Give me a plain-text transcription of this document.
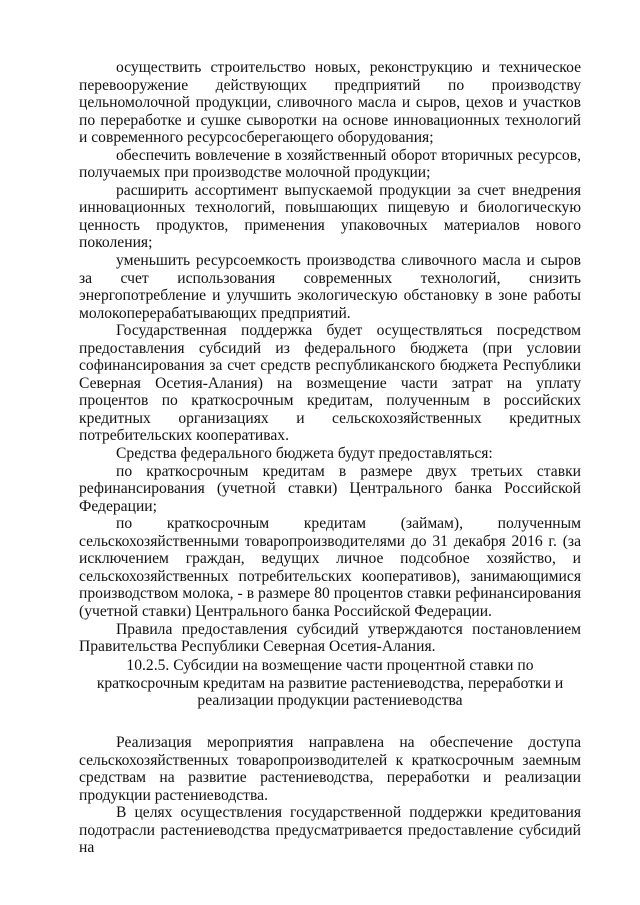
осуществить строительство новых, реконструкцию и техническое перевооружение действующих предприятий по производству цельномолочной продукции, сливочного масла и сыров, цехов и участков по переработке и сушке сыворотки на основе инновационных технологий и современного ресурсосберегающего оборудования;

обеспечить вовлечение в хозяйственный оборот вторичных ресурсов, получаемых при производстве молочной продукции;

расширить ассортимент выпускаемой продукции за счет внедрения инновационных технологий, повышающих пищевую и биологическую ценность продуктов, применения упаковочных материалов нового поколения;

уменьшить ресурсоемкость производства сливочного масла и сыров за счет использования современных технологий, снизить энергопотребление и улучшить экологическую обстановку в зоне работы молокоперерабатывающих предприятий.

Государственная поддержка будет осуществляться посредством предоставления субсидий из федерального бюджета (при условии софинансирования за счет средств республиканского бюджета Республики Северная Осетия-Алания) на возмещение части затрат на уплату процентов по краткосрочным кредитам, полученным в российских кредитных организациях и сельскохозяйственных кредитных потребительских кооперативах.

Средства федерального бюджета будут предоставляться:

по краткосрочным кредитам в размере двух третьих ставки рефинансирования (учетной ставки) Центрального банка Российской Федерации;

по краткосрочным кредитам (займам), полученным сельскохозяйственными товаропроизводителями до 31 декабря 2016 г. (за исключением граждан, ведущих личное подсобное хозяйство, и сельскохозяйственных потребительских кооперативов), занимающимися производством молока, - в размере 80 процентов ставки рефинансирования (учетной ставки) Центрального банка Российской Федерации.

Правила предоставления субсидий утверждаются постановлением Правительства Республики Северная Осетия-Алания.

10.2.5. Субсидии на возмещение части процентной ставки по
краткосрочным кредитам на развитие растениеводства, переработки и
реализации продукции растениеводства

Реализация мероприятия направлена на обеспечение доступа сельскохозяйственных товаропроизводителей к краткосрочным заемным средствам на развитие растениеводства, переработки и реализации продукции растениеводства.

В целях осуществления государственной поддержки кредитования подотрасли растениеводства предусматривается предоставление субсидий на
